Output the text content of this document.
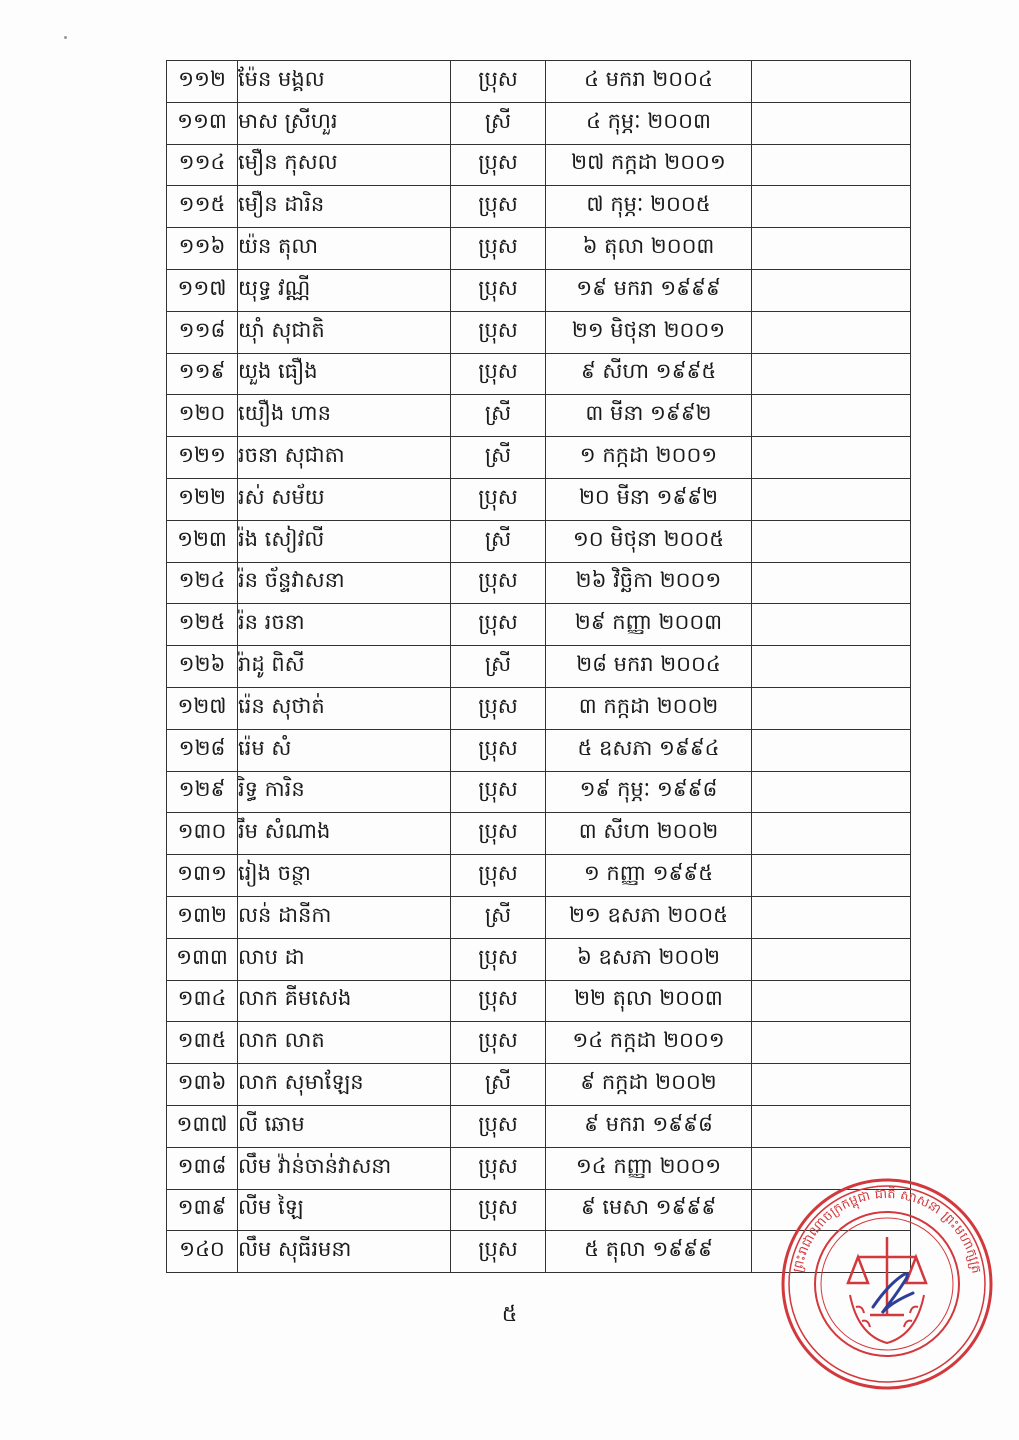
១១២	ម៉ែន មង្គល	ប្រុស	៤ មករា ២០០៤	
១១៣	មាស ស្រីហួរ	ស្រី	៤ កុម្ភៈ ២០០៣	
១១៤	មឿន កុសល	ប្រុស	២៧ កក្កដា ២០០១	
១១៥	មឿន ដារិន	ប្រុស	៧ កុម្ភៈ ២០០៥	
១១៦	យ៉ន តុលា	ប្រុស	៦ តុលា ២០០៣	
១១៧	យុទ្ធ វណ្ណី	ប្រុស	១៩ មករា ១៩៩៩	
១១៨	យ៉ាំ សុជាតិ	ប្រុស	២១ មិថុនា ២០០១	
១១៩	យួង ធឿង	ប្រុស	៩ សីហា ១៩៩៥	
១២០	យឿង ហាន	ស្រី	៣ មីនា ១៩៩២	
១២១	រចនា សុជាតា	ស្រី	១ កក្កដា ២០០១	
១២២	រស់ សម័យ	ប្រុស	២០ មីនា ១៩៩២	
១២៣	រ៉ង សៀវលី	ស្រី	១០ មិថុនា ២០០៥	
១២៤	រ៉ន ច័ន្ទវាសនា	ប្រុស	២៦ វិច្ឆិកា ២០០១	
១២៥	រ៉ន រចនា	ប្រុស	២៩ កញ្ញា ២០០៣	
១២៦	រ៉ាដូ ពិសី	ស្រី	២៨ មករា ២០០៤	
១២៧	រ៉េន សុថាត់	ប្រុស	៣ កក្កដា ២០០២	
១២៨	រ៉េម សំ	ប្រុស	៥ ឧសភា ១៩៩៤	
១២៩	រិទ្ធ ការិន	ប្រុស	១៩ កុម្ភៈ ១៩៩៨	
១៣០	រឹម សំណាង	ប្រុស	៣ សីហា ២០០២	
១៣១	រៀង ចន្ថា	ប្រុស	១ កញ្ញា ១៩៩៥	
១៣២	លន់ ដានីកា	ស្រី	២១ ឧសភា ២០០៥	
១៣៣	លាប ដា	ប្រុស	៦ ឧសភា ២០០២	
១៣៤	លាក គីមសេង	ប្រុស	២២ តុលា ២០០៣	
១៣៥	លាក លាត	ប្រុស	១៤ កក្កដា ២០០១	
១៣៦	លាក សុមាឡែន	ស្រី	៩ កក្កដា ២០០២	
១៣៧	លី ឆោម	ប្រុស	៩ មករា ១៩៩៨	
១៣៨	លឹម វ៉ាន់ចាន់វាសនា	ប្រុស	១៤ កញ្ញា ២០០១	
១៣៩	លីម ឡៃ	ប្រុស	៩ មេសា ១៩៩៩	
១៤០	លឹម សុធីរមនា	ប្រុស	៥ តុលា ១៩៩៩	
៥
ព្រះរាជាណាចក្រកម្ពុជា ជាតិ សាសនា ព្រះមហាក្សត្រ
